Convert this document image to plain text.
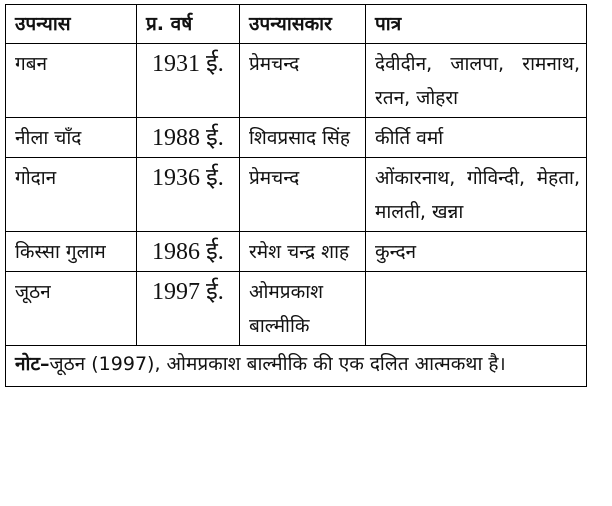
उपन्यास	प्र. वर्ष	उपन्यासकार	पात्र
गबन	1931 ई.	प्रेमचन्द	देवीदीन, जालपा, रामनाथ, रतन, जोहरा
नीला चाँद	1988 ई.	शिवप्रसाद सिंह	कीर्ति वर्मा
गोदान	1936 ई.	प्रेमचन्द	ओंकारनाथ, गोविन्दी, मेहता, मालती, खन्ना
किस्सा गुलाम	1986 ई.	रमेश चन्द्र शाह	कुन्दन
जूठन	1997 ई.	ओमप्रकाश बाल्मीकि	
नोट–जूठन (1997), ओमप्रकाश बाल्मीकि की एक दलित आत्मकथा है।			
